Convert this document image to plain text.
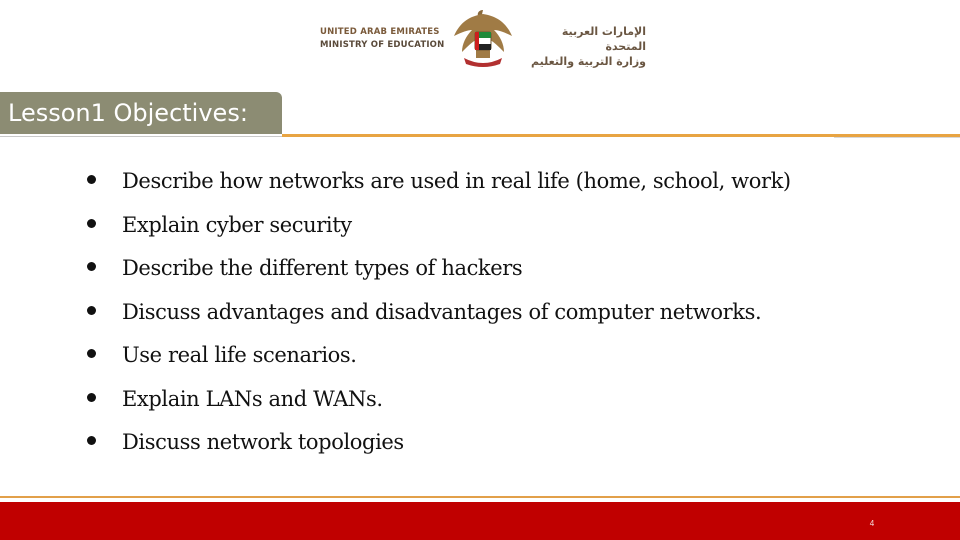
UNITED ARAB EMIRATES
MINISTRY OF EDUCATION
الإمارات العربية المتحدة
وزارة التربية والتعليم
Lesson1 Objectives:
Describe how networks are used in real life (home, school, work)
Explain cyber security
Describe the different types of hackers
Discuss advantages and disadvantages of computer networks.
Use real life scenarios.
Explain LANs and WANs.
Discuss network topologies
4
